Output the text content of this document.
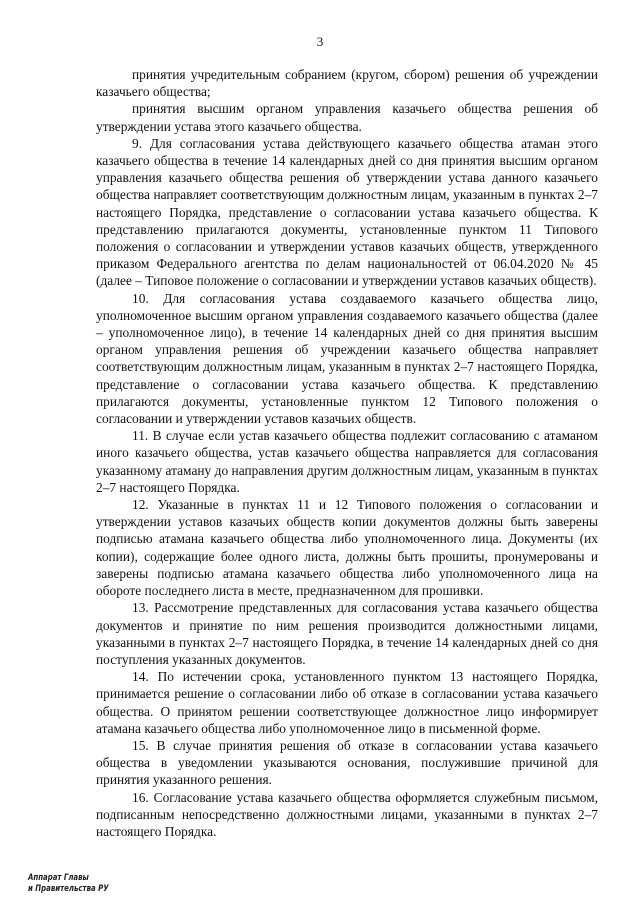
3

принятия учредительным собранием (кругом, сбором) решения об учреждении казачьего общества;

принятия высшим органом управления казачьего общества решения об утверждении устава этого казачьего общества.

9. Для согласования устава действующего казачьего общества атаман этого казачьего общества в течение 14 календарных дней со дня принятия высшим органом управления казачьего общества решения об утверждении устава данного казачьего общества направляет соответствующим должностным лицам, указанным в пунктах 2–7 настоящего Порядка, представление о согласовании устава казачьего общества. К представлению прилагаются документы, установленные пунктом 11 Типового положения о согласовании и утверждении уставов казачьих обществ, утвержденного приказом Федерального агентства по делам национальностей от 06.04.2020 № 45 (далее – Типовое положение о согласовании и утверждении уставов казачьих обществ).

10. Для согласования устава создаваемого казачьего общества лицо, уполномоченное высшим органом управления создаваемого казачьего общества (далее – уполномоченное лицо), в течение 14 календарных дней со дня принятия высшим органом управления решения об учреждении казачьего общества направляет соответствующим должностным лицам, указанным в пунктах 2–7 настоящего Порядка, представление о согласовании устава казачьего общества. К представлению прилагаются документы, установленные пунктом 12 Типового положения о согласовании и утверждении уставов казачьих обществ.

11. В случае если устав казачьего общества подлежит согласованию с атаманом иного казачьего общества, устав казачьего общества направляется для согласования указанному атаману до направления другим должностным лицам, указанным в пунктах 2–7 настоящего Порядка.

12. Указанные в пунктах 11 и 12 Типового положения о согласовании и утверждении уставов казачьих обществ копии документов должны быть заверены подписью атамана казачьего общества либо уполномоченного лица. Документы (их копии), содержащие более одного листа, должны быть прошиты, пронумерованы и заверены подписью атамана казачьего общества либо уполномоченного лица на обороте последнего листа в месте, предназначенном для прошивки.

13. Рассмотрение представленных для согласования устава казачьего общества документов и принятие по ним решения производится должностными лицами, указанными в пунктах 2–7 настоящего Порядка, в течение 14 календарных дней со дня поступления указанных документов.

14. По истечении срока, установленного пунктом 13 настоящего Порядка, принимается решение о согласовании либо об отказе в согласовании устава казачьего общества. О принятом решении соответствующее должностное лицо информирует атамана казачьего общества либо уполномоченное лицо в письменной форме.

15. В случае принятия решения об отказе в согласовании устава казачьего общества в уведомлении указываются основания, послужившие причиной для принятия указанного решения.

16. Согласование устава казачьего общества оформляется служебным письмом, подписанным непосредственно должностными лицами, указанными в пунктах 2–7 настоящего Порядка.

Аппарат Главы
и Правительства РУ
